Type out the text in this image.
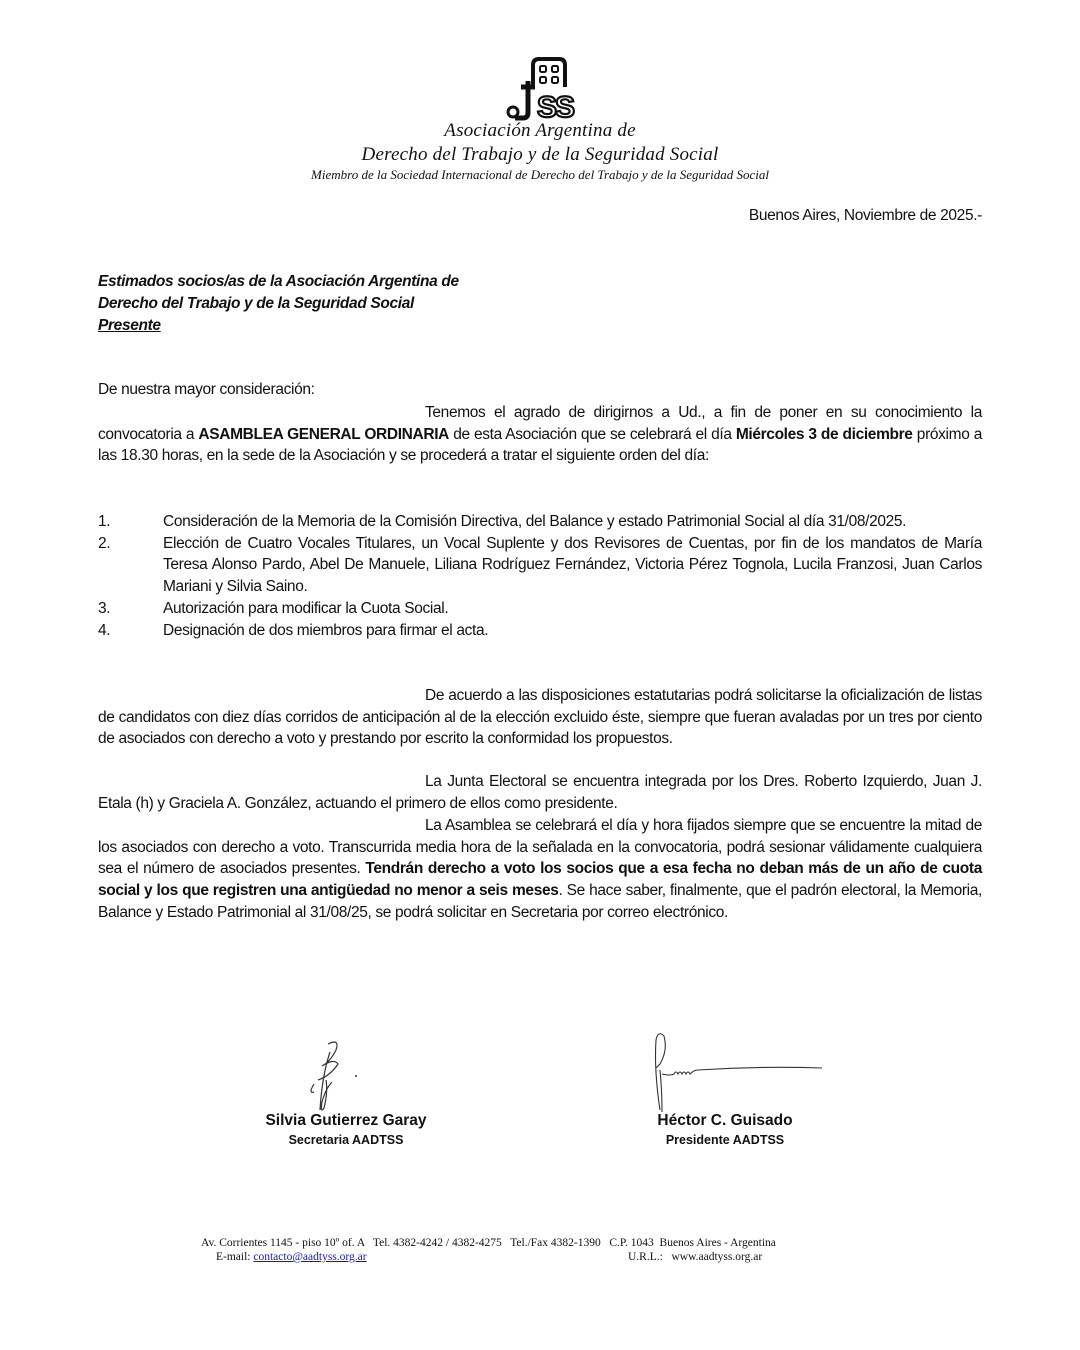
SS
Asociación Argentina de
Derecho del Trabajo y de la Seguridad Social
Miembro de la Sociedad Internacional de Derecho del Trabajo y de la Seguridad Social
Buenos Aires, Noviembre de 2025.-
Estimados socios/as de la Asociación Argentina de
Derecho del Trabajo y de la Seguridad Social
Presente
De nuestra mayor consideración:
Tenemos el agrado de dirigirnos a Ud., a fin de poner en su conocimiento la convocatoria a ASAMBLEA GENERAL ORDINARIA de esta Asociación que se celebrará el día Miércoles 3 de diciembre próximo a las 18.30 horas, en la sede de la Asociación y se procederá a tratar el siguiente orden del día:
1.	Consideración de la Memoria de la Comisión Directiva, del Balance y estado Patrimonial Social al día 31/08/2025.
2.	Elección de Cuatro Vocales Titulares, un Vocal Suplente y dos Revisores de Cuentas, por fin de los mandatos de María Teresa Alonso Pardo, Abel De Manuele, Liliana Rodríguez Fernández, Victoria Pérez Tognola, Lucila Franzosi, Juan Carlos Mariani y Silvia Saino.
3.	Autorización para modificar la Cuota Social.
4.	Designación de dos miembros para firmar el acta.
De acuerdo a las disposiciones estatutarias podrá solicitarse la oficialización de listas de candidatos con diez días corridos de anticipación al de la elección excluido éste, siempre que fueran avaladas por un tres por ciento de asociados con derecho a voto y prestando por escrito la conformidad los propuestos.
La Junta Electoral se encuentra integrada por los Dres. Roberto Izquierdo, Juan J. Etala (h) y Graciela A. González, actuando el primero de ellos como presidente.
La Asamblea se celebrará el día y hora fijados siempre que se encuentre la mitad de los asociados con derecho a voto. Transcurrida media hora de la señalada en la convocatoria, podrá sesionar válidamente cualquiera sea el número de asociados presentes. Tendrán derecho a voto los socios que a esa fecha no deban más de un año de cuota social y los que registren una antigüedad no menor a seis meses. Se hace saber, finalmente, que el padrón electoral, la Memoria, Balance y Estado Patrimonial al 31/08/25, se podrá solicitar en Secretaria por correo electrónico.
Silvia Gutierrez Garay
Secretaria AADTSS
Héctor C. Guisado
Presidente AADTSS
Av. Corrientes 1145 - piso 10º of. A   Tel. 4382-4242 / 4382-4275   Tel./Fax 4382-1390   C.P. 1043  Buenos Aires - Argentina
E-mail: contacto@aadtyss.org.ar	U.R.L.:   www.aadtyss.org.ar
